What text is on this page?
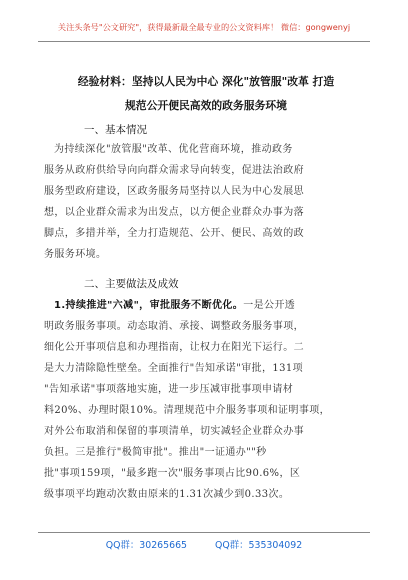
关注头条号"公文研究"，获得最新最全最专业的公文资料库！ 微信：gongwenyj
经验材料：坚持以人民为中心 深化"放管服"改革 打造
规范公开便民高效的政务服务环境
一、基本情况
为持续深化"放管服"改革、优化营商环境，推动政务
服务从政府供给导向向群众需求导向转变，促进法治政府
服务型政府建设，区政务服务局坚持以人民为中心发展思
想，以企业群众需求为出发点，以方便企业群众办事为落
脚点，多措并举，全力打造规范、公开、便民、高效的政
务服务环境。
二、主要做法及成效
1.持续推进"六减"，审批服务不断优化。一是公开透
明政务服务事项。动态取消、承接、调整政务服务事项，
细化公开事项信息和办理指南，让权力在阳光下运行。二
是大力清除隐性壁垒。全面推行"告知承诺"审批，131项
"告知承诺"事项落地实施，进一步压减审批事项申请材
料20%、办理时限10%。清理规范中介服务事项和证明事项，
对外公布取消和保留的事项清单，切实减轻企业群众办事
负担。三是推行"极简审批"。推出"一证通办""秒
批"事项159项，"最多跑一次"服务事项占比90.6%，区
级事项平均跑动次数由原来的1.31次减少到0.33次。
QQ群：30265665	QQ群：535304092
